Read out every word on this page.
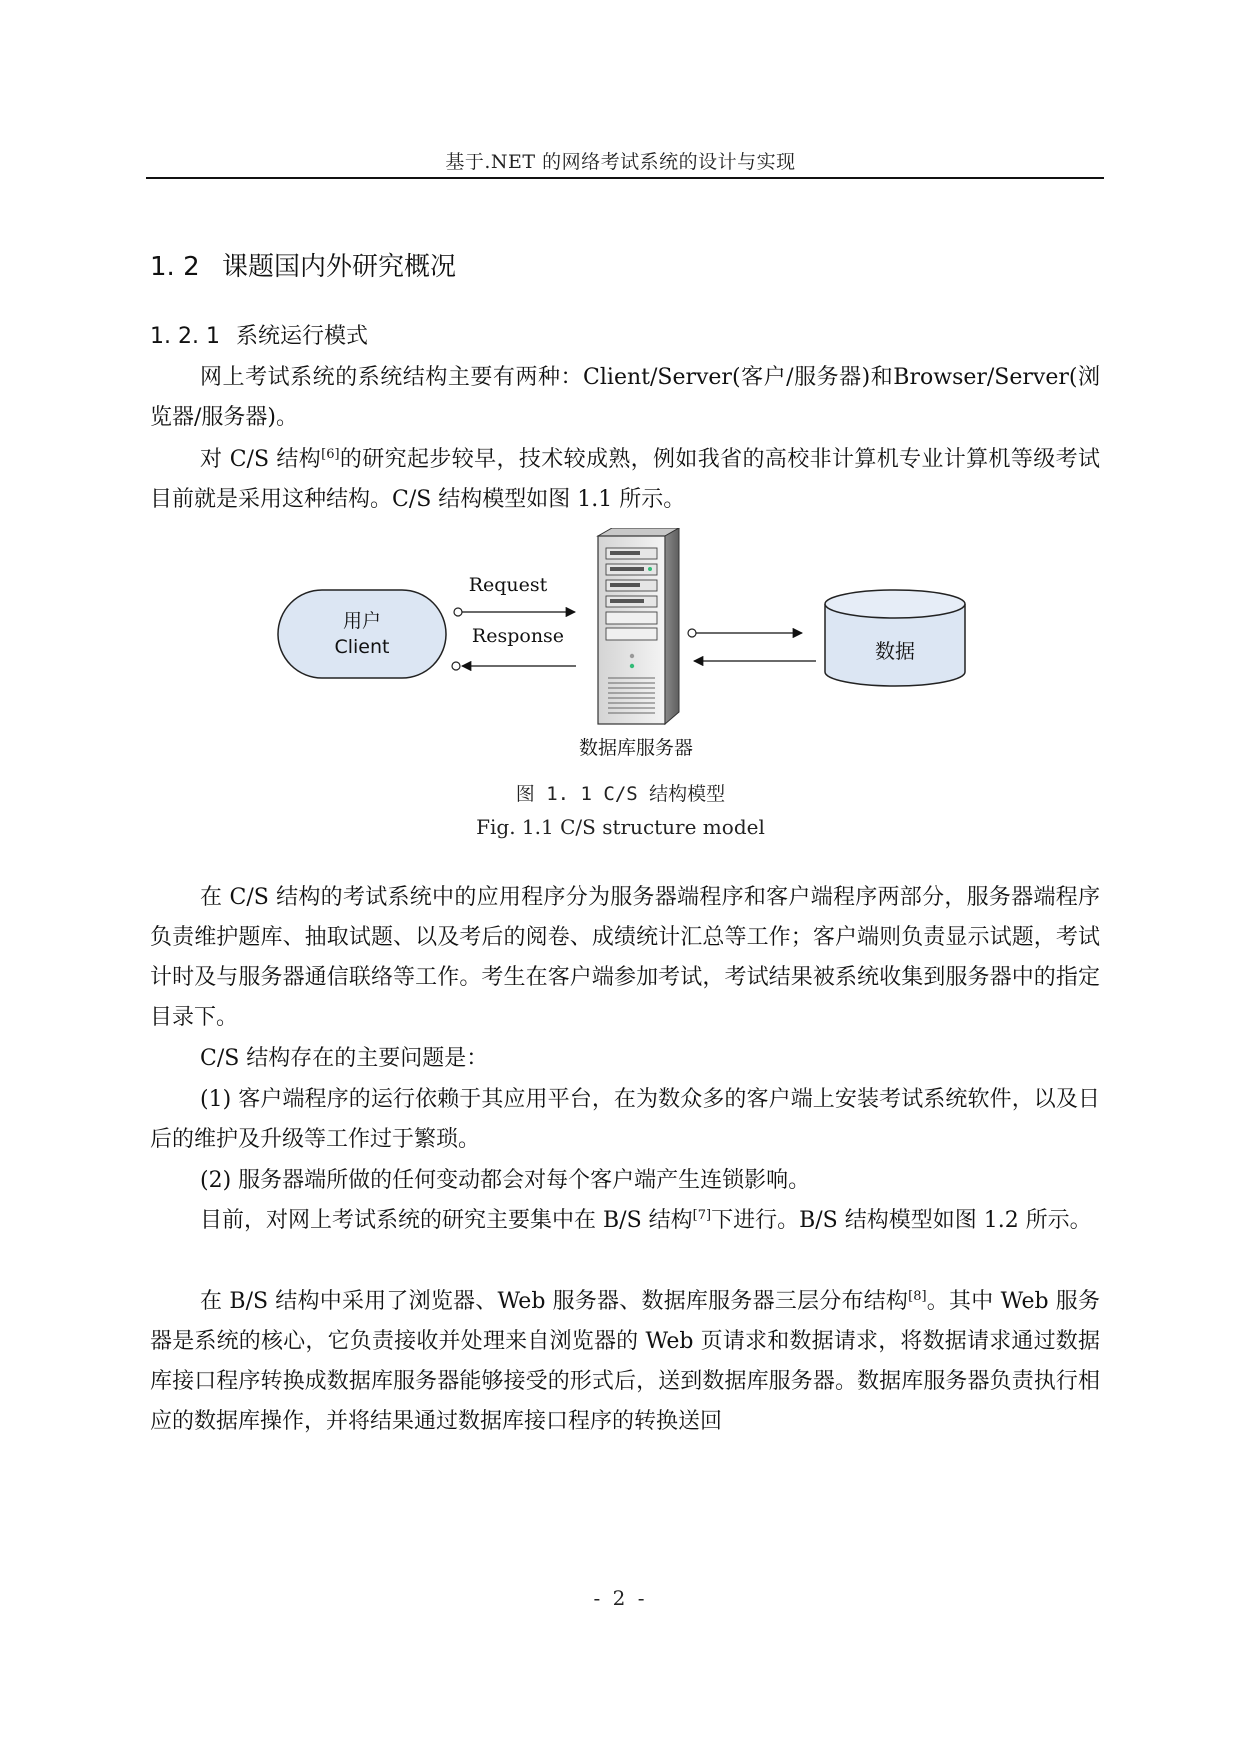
基于.NET 的网络考试系统的设计与实现
1. 2 课题国内外研究概况
1. 2. 1 系统运行模式

网上考试系统的系统结构主要有两种：Client/Server(客户/服务器)和Browser/Server(浏览器/服务器)。

对 C/S 结构[6]的研究起步较早，技术较成熟，例如我省的高校非计算机专业计算机等级考试目前就是采用这种结构。C/S 结构模型如图 1.1 所示。

用户
Client
Request
Response
数据库服务器
数据
图 1. 1 C/S 结构模型
Fig. 1.1 C/S structure model

在 C/S 结构的考试系统中的应用程序分为服务器端程序和客户端程序两部分，服务器端程序负责维护题库、抽取试题、以及考后的阅卷、成绩统计汇总等工作；客户端则负责显示试题，考试计时及与服务器通信联络等工作。考生在客户端参加考试，考试结果被系统收集到服务器中的指定目录下。

C/S 结构存在的主要问题是：

(1) 客户端程序的运行依赖于其应用平台，在为数众多的客户端上安装考试系统软件，以及日后的维护及升级等工作过于繁琐。

(2) 服务器端所做的任何变动都会对每个客户端产生连锁影响。

目前，对网上考试系统的研究主要集中在 B/S 结构[7]下进行。B/S 结构模型如图 1.2 所示。

在 B/S 结构中采用了浏览器、Web 服务器、数据库服务器三层分布结构[8]。其中 Web 服务器是系统的核心，它负责接收并处理来自浏览器的 Web 页请求和数据请求，将数据请求通过数据库接口程序转换成数据库服务器能够接受的形式后，送到数据库服务器。数据库服务器负责执行相应的数据库操作，并将结果通过数据库接口程序的转换送回

- 2 -
